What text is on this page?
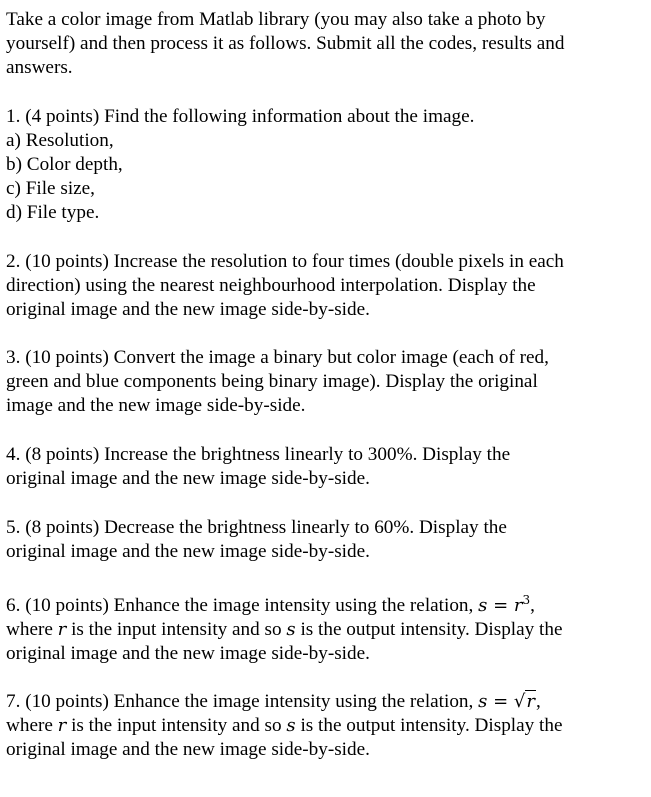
Take a color image from Matlab library (you may also take a photo by
yourself) and then process it as follows. Submit all the codes, results and
answers.
1. (4 points) Find the following information about the image.
a) Resolution,
b) Color depth,
c) File size,
d) File type.
2. (10 points) Increase the resolution to four times (double pixels in each
direction) using the nearest neighbourhood interpolation. Display the
original image and the new image side-by-side.
3. (10 points) Convert the image a binary but color image (each of red,
green and blue components being binary image). Display the original
image and the new image side-by-side.
4. (8 points) Increase the brightness linearly to 300%. Display the
original image and the new image side-by-side.
5. (8 points) Decrease the brightness linearly to 60%. Display the
original image and the new image side-by-side.
6. (10 points) Enhance the image intensity using the relation, $s = r^3$,
where r is the input intensity and so s is the output intensity. Display the
original image and the new image side-by-side.
7. (10 points) Enhance the image intensity using the relation, s = √r,
where r is the input intensity and so s is the output intensity. Display the
original image and the new image side-by-side.
